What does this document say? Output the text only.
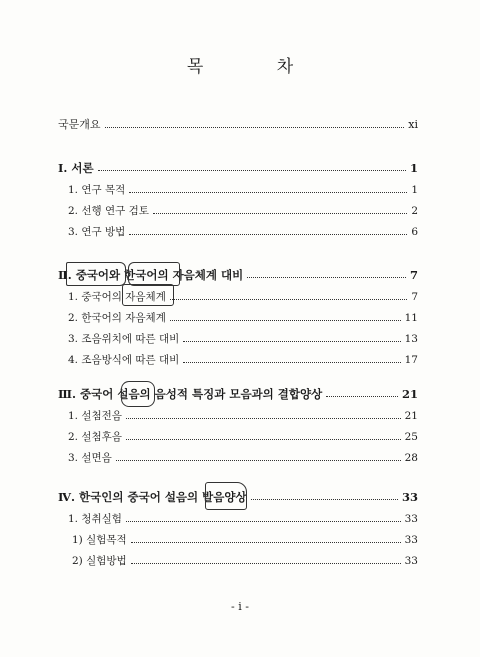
목 차
국문개요	xi
Ⅰ. 서론	1
1. 연구 목적	1
2. 선행 연구 검토	2
3. 연구 방법	6
Ⅱ. 중국어와 한국어의 자음체계 대비	7
1. 중국어의 자음체계	7
2. 한국어의 자음체계	11
3. 조음위치에 따른 대비	13
4. 조음방식에 따른 대비	17
Ⅲ. 중국어 설음의 음성적 특징과 모음과의 결합양상	21
1. 설첨전음	21
2. 설첨후음	25
3. 설면음	28
Ⅳ. 한국인의 중국어 설음의 발음양상	33
1. 청취실험	33
1) 실험목적	33
2) 실험방법	33
- i -
